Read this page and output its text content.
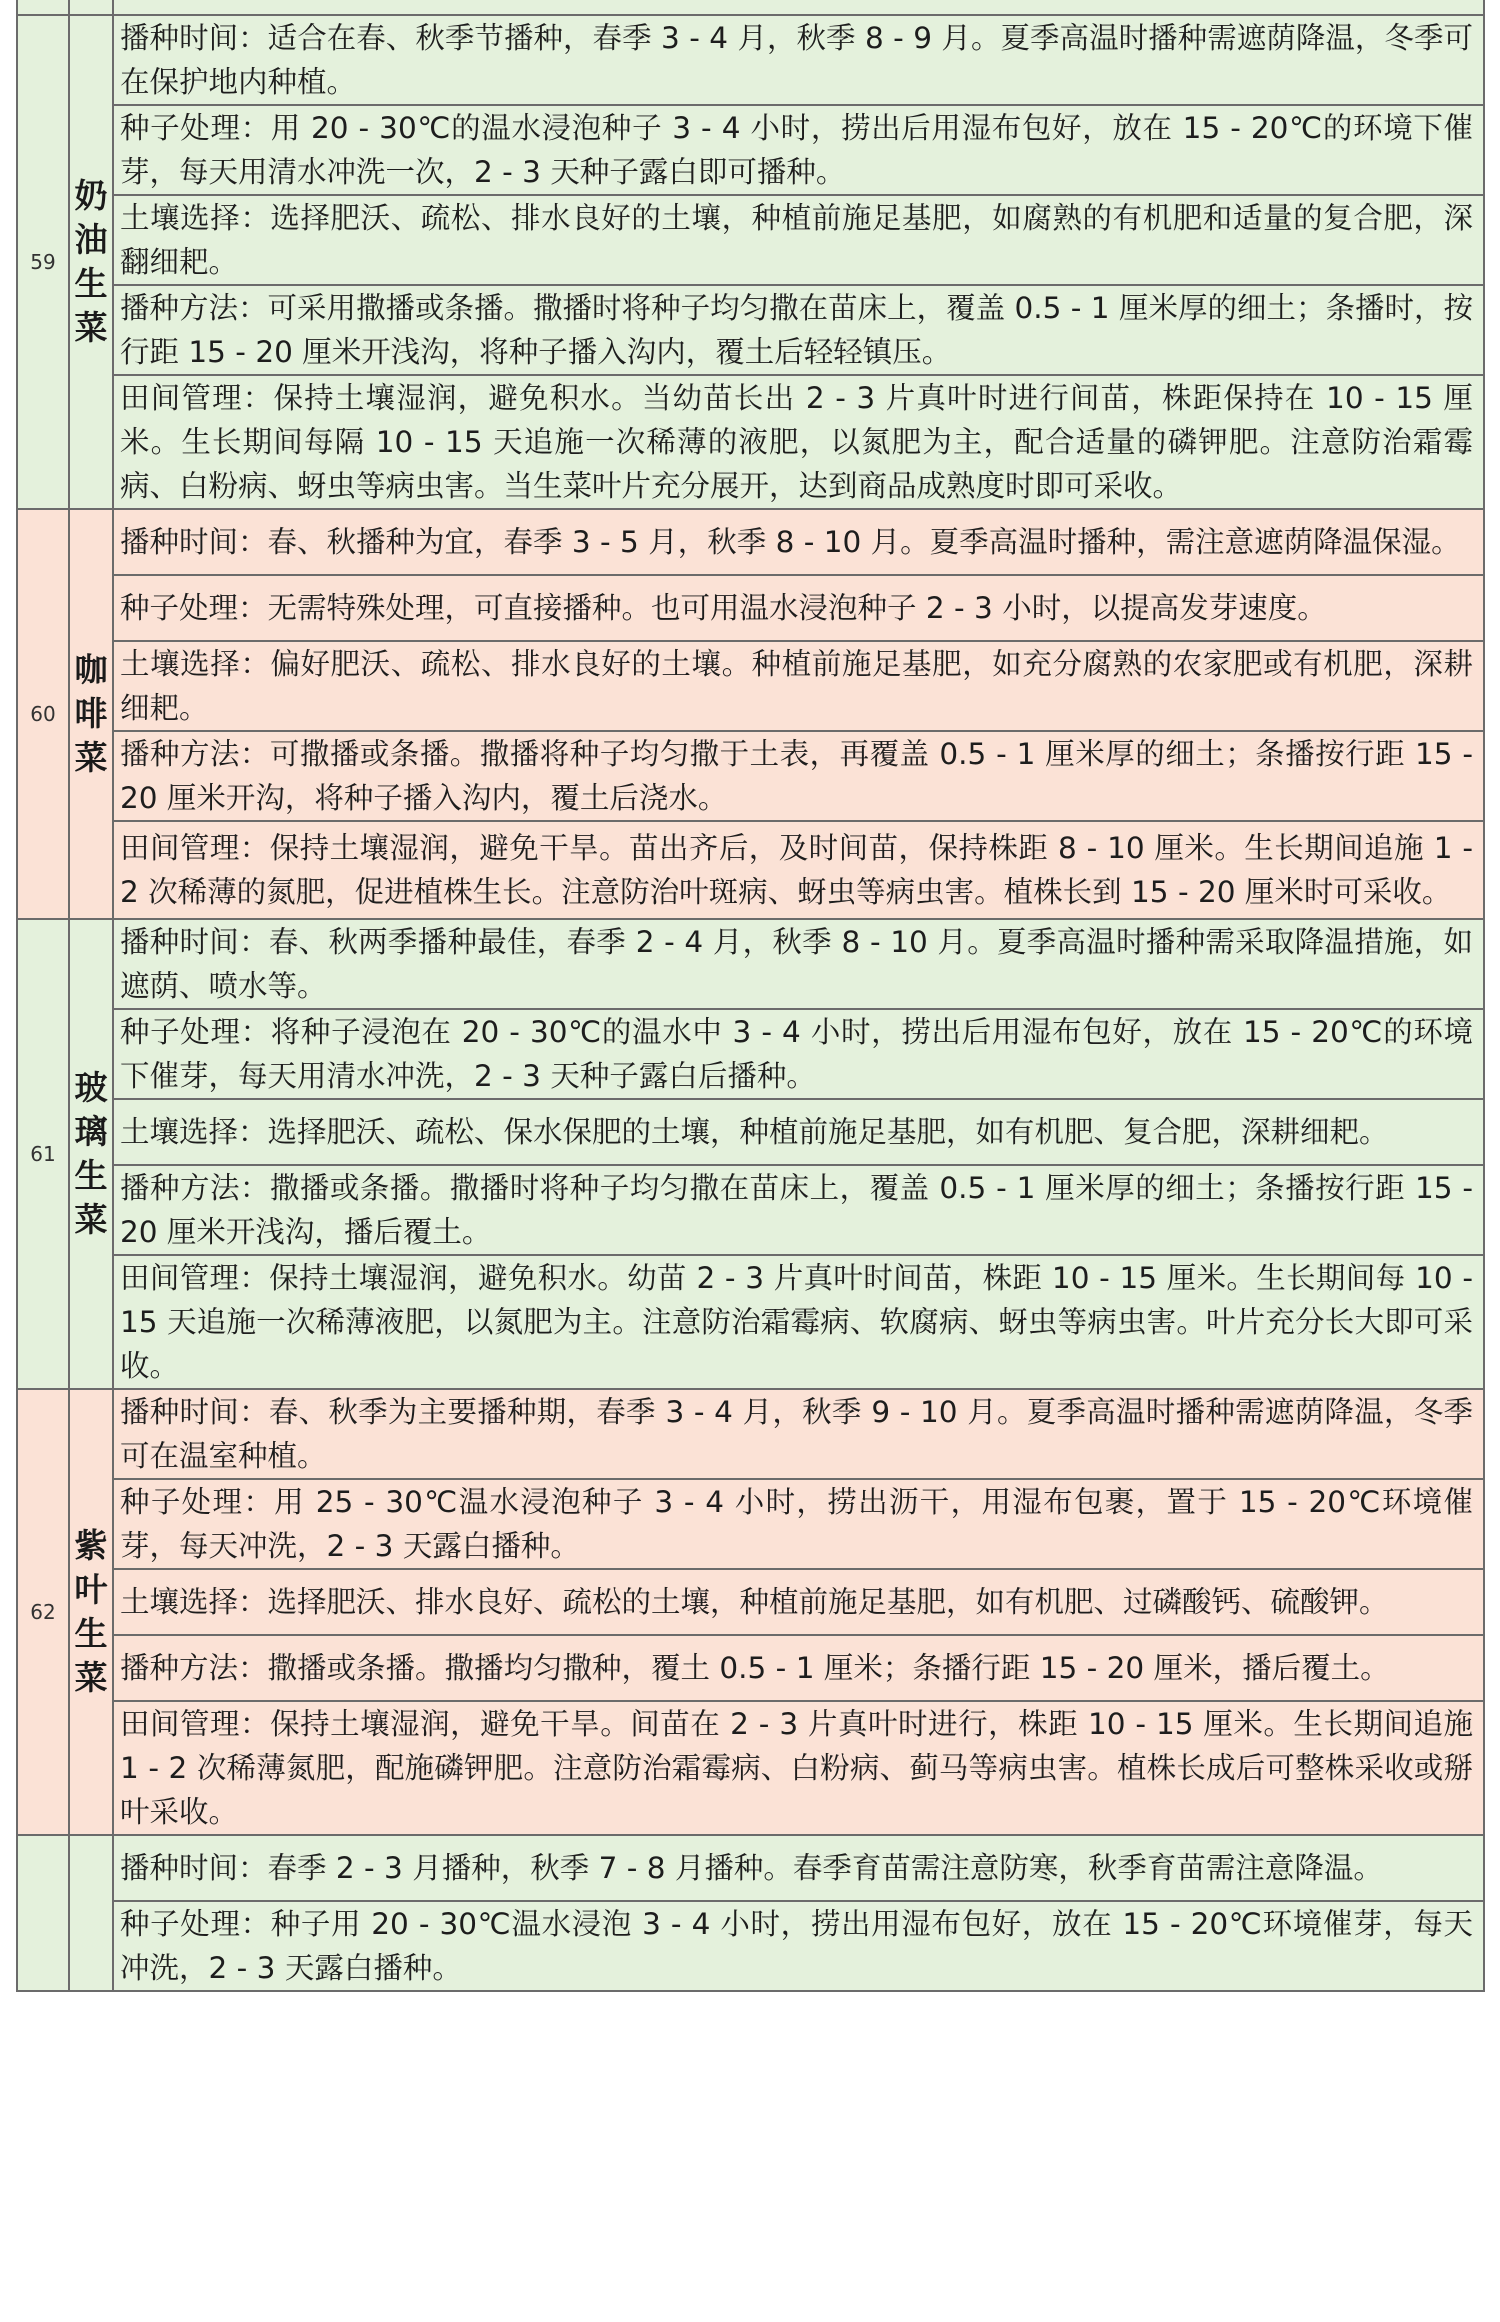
59	奶油生菜	播种时间：适合在春、秋季节播种，春季 3 - 4 月，秋季 8 - 9 月。夏季高温时播种需遮荫降温，冬季可在保护地内种植。
		种子处理：用 20 - 30℃的温水浸泡种子 3 - 4 小时，捞出后用湿布包好，放在 15 - 20℃的环境下催芽，每天用清水冲洗一次，2 - 3 天种子露白即可播种。
		土壤选择：选择肥沃、疏松、排水良好的土壤，种植前施足基肥，如腐熟的有机肥和适量的复合肥，深翻细耙。
		播种方法：可采用撒播或条播。撒播时将种子均匀撒在苗床上，覆盖 0.5 - 1 厘米厚的细土；条播时，按行距 15 - 20 厘米开浅沟，将种子播入沟内，覆土后轻轻镇压。
		田间管理：保持土壤湿润，避免积水。当幼苗长出 2 - 3 片真叶时进行间苗，株距保持在 10 - 15 厘米。生长期间每隔 10 - 15 天追施一次稀薄的液肥，以氮肥为主，配合适量的磷钾肥。注意防治霜霉病、白粉病、蚜虫等病虫害。当生菜叶片充分展开，达到商品成熟度时即可采收。
60	咖啡菜	播种时间：春、秋播种为宜，春季 3 - 5 月，秋季 8 - 10 月。夏季高温时播种，需注意遮荫降温保湿。
		种子处理：无需特殊处理，可直接播种。也可用温水浸泡种子 2 - 3 小时，以提高发芽速度。
		土壤选择：偏好肥沃、疏松、排水良好的土壤。种植前施足基肥，如充分腐熟的农家肥或有机肥，深耕细耙。
		播种方法：可撒播或条播。撒播将种子均匀撒于土表，再覆盖 0.5 - 1 厘米厚的细土；条播按行距 15 - 20 厘米开沟，将种子播入沟内，覆土后浇水。
		田间管理：保持土壤湿润，避免干旱。苗出齐后，及时间苗，保持株距 8 - 10 厘米。生长期间追施 1 - 2 次稀薄的氮肥，促进植株生长。注意防治叶斑病、蚜虫等病虫害。植株长到 15 - 20 厘米时可采收。
61	玻璃生菜	播种时间：春、秋两季播种最佳，春季 2 - 4 月，秋季 8 - 10 月。夏季高温时播种需采取降温措施，如遮荫、喷水等。
		种子处理：将种子浸泡在 20 - 30℃的温水中 3 - 4 小时，捞出后用湿布包好，放在 15 - 20℃的环境下催芽，每天用清水冲洗，2 - 3 天种子露白后播种。
		土壤选择：选择肥沃、疏松、保水保肥的土壤，种植前施足基肥，如有机肥、复合肥，深耕细耙。
		播种方法：撒播或条播。撒播时将种子均匀撒在苗床上，覆盖 0.5 - 1 厘米厚的细土；条播按行距 15 - 20 厘米开浅沟，播后覆土。
		田间管理：保持土壤湿润，避免积水。幼苗 2 - 3 片真叶时间苗，株距 10 - 15 厘米。生长期间每 10 - 15 天追施一次稀薄液肥，以氮肥为主。注意防治霜霉病、软腐病、蚜虫等病虫害。叶片充分长大即可采收。
62	紫叶生菜	播种时间：春、秋季为主要播种期，春季 3 - 4 月，秋季 9 - 10 月。夏季高温时播种需遮荫降温，冬季可在温室种植。
		种子处理：用 25 - 30℃温水浸泡种子 3 - 4 小时，捞出沥干，用湿布包裹，置于 15 - 20℃环境催芽，每天冲洗，2 - 3 天露白播种。
		土壤选择：选择肥沃、排水良好、疏松的土壤，种植前施足基肥，如有机肥、过磷酸钙、硫酸钾。
		播种方法：撒播或条播。撒播均匀撒种，覆土 0.5 - 1 厘米；条播行距 15 - 20 厘米，播后覆土。
		田间管理：保持土壤湿润，避免干旱。间苗在 2 - 3 片真叶时进行，株距 10 - 15 厘米。生长期间追施 1 - 2 次稀薄氮肥，配施磷钾肥。注意防治霜霉病、白粉病、蓟马等病虫害。植株长成后可整株采收或掰叶采收。
		播种时间：春季 2 - 3 月播种，秋季 7 - 8 月播种。春季育苗需注意防寒，秋季育苗需注意降温。
		种子处理：种子用 20 - 30℃温水浸泡 3 - 4 小时，捞出用湿布包好，放在 15 - 20℃环境催芽，每天冲洗，2 - 3 天露白播种。
